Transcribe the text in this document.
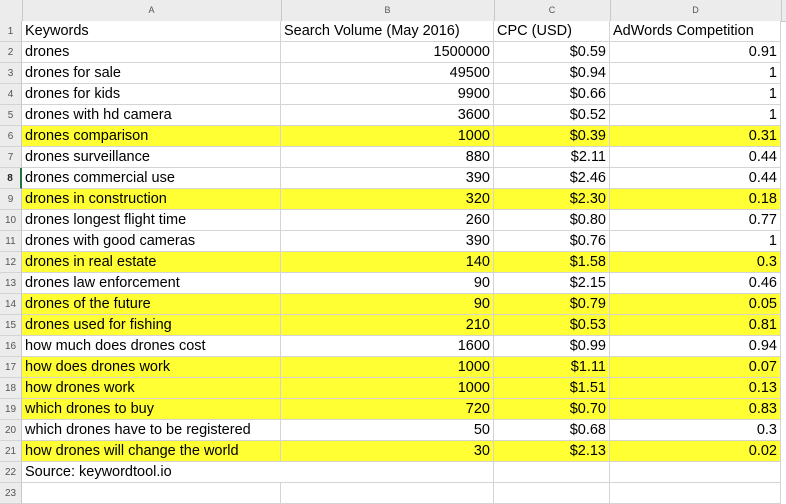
A	B	C	D
1 Keywords	Search Volume (May 2016)	CPC (USD)	AdWords Competition
2 drones	1500000	$0.59	0.91
3 drones for sale	49500	$0.94	1
4 drones for kids	9900	$0.66	1
5 drones with hd camera	3600	$0.52	1
6 drones comparison	1000	$0.39	0.31
7 drones surveillance	880	$2.11	0.44
8 drones commercial use	390	$2.46	0.44
9 drones in construction	320	$2.30	0.18
10 drones longest flight time	260	$0.80	0.77
11 drones with good cameras	390	$0.76	1
12 drones in real estate	140	$1.58	0.3
13 drones law enforcement	90	$2.15	0.46
14 drones of the future	90	$0.79	0.05
15 drones used for fishing	210	$0.53	0.81
16 how much does drones cost	1600	$0.99	0.94
17 how does drones work	1000	$1.11	0.07
18 how drones work	1000	$1.51	0.13
19 which drones to buy	720	$0.70	0.83
20 which drones have to be registered	50	$0.68	0.3
21 how drones will change the world	30	$2.13	0.02
22 Source: keywordtool.io
23
